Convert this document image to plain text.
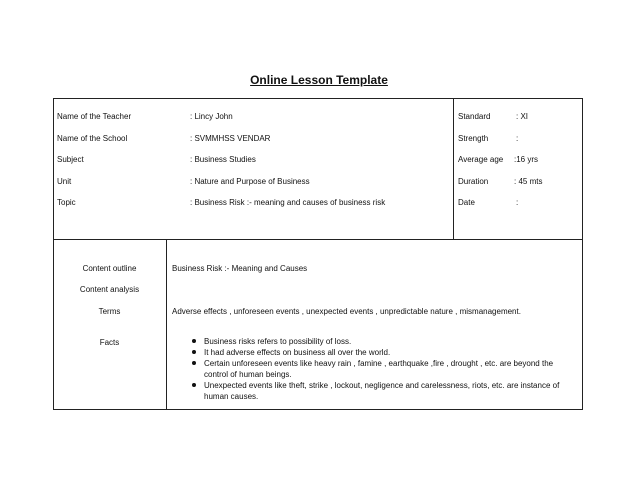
Online Lesson Template
Name of the Teacher	: Lincy John
Name of the School	: SVMMHSS VENDAR
Subject	: Business Studies
Unit	: Nature and Purpose of Business
Topic	: Business Risk :- meaning and causes of business risk
Standard	: XI
Strength	:
Average age :16 yrs
Duration	: 45 mts
Date	:
Content outline	Business Risk :- Meaning and Causes
Content analysis
Terms	Adverse effects , unforeseen events , unexpected events , unpredictable nature , mismanagement.
Facts	Business risks refers to possibility of loss.
It had adverse effects on business all over the world.
Certain unforeseen events like heavy rain , famine , earthquake ,fire , drought , etc. are beyond the control of human beings.
Unexpected events like theft, strike , lockout, negligence and carelessness, riots, etc. are instance of human causes.
